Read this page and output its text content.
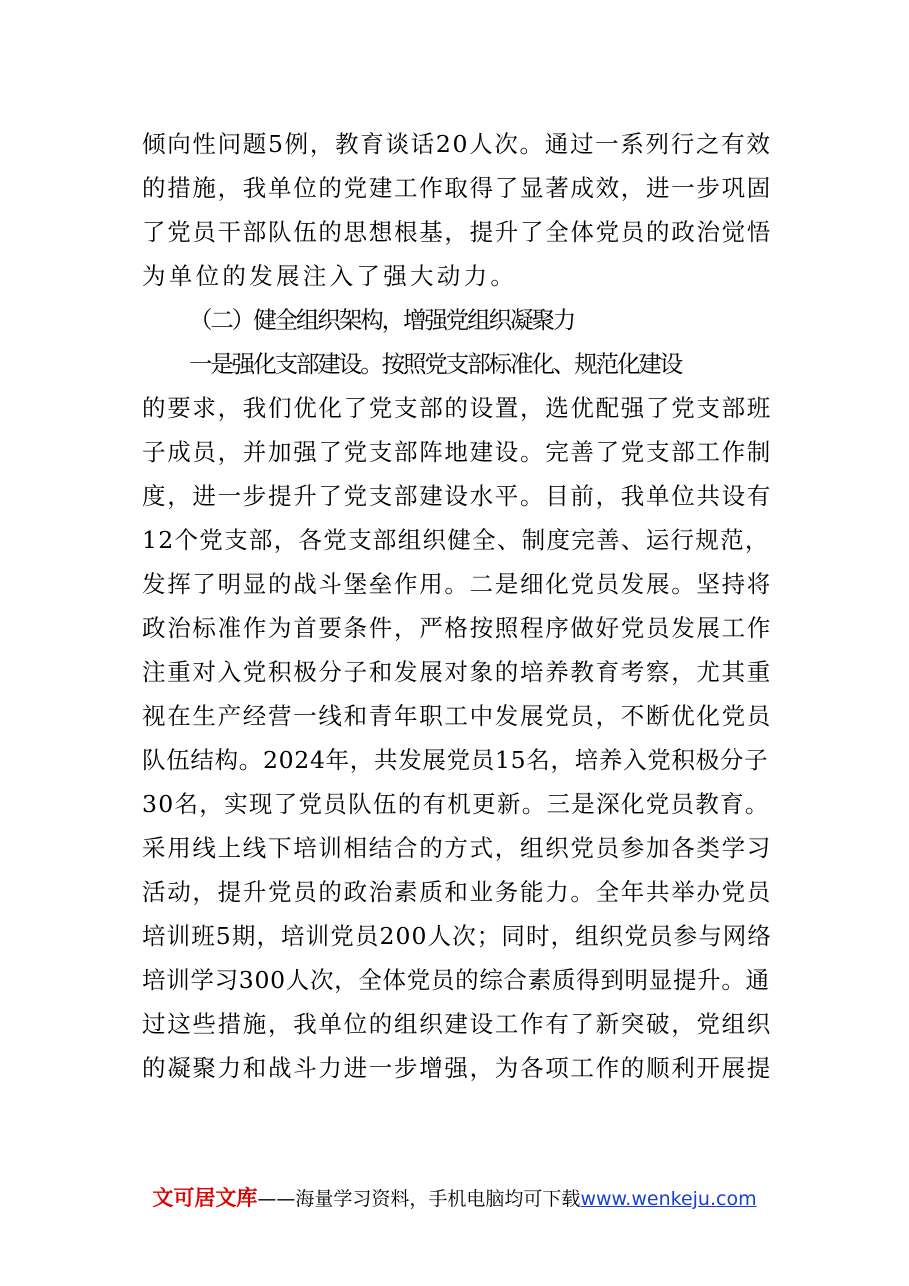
倾向性问题5例，教育谈话20人次。通过一系列行之有效
的措施，我单位的党建工作取得了显著成效，进一步巩固
了党员干部队伍的思想根基，提升了全体党员的政治觉悟
为单位的发展注入了强大动力。
（二）健全组织架构，增强党组织凝聚力
一是强化支部建设。按照党支部标准化、规范化建设
的要求，我们优化了党支部的设置，选优配强了党支部班
子成员，并加强了党支部阵地建设。完善了党支部工作制
度，进一步提升了党支部建设水平。目前，我单位共设有
12个党支部，各党支部组织健全、制度完善、运行规范，
发挥了明显的战斗堡垒作用。二是细化党员发展。坚持将
政治标准作为首要条件，严格按照程序做好党员发展工作
注重对入党积极分子和发展对象的培养教育考察，尤其重
视在生产经营一线和青年职工中发展党员，不断优化党员
队伍结构。2024年，共发展党员15名，培养入党积极分子
30名，实现了党员队伍的有机更新。三是深化党员教育。
采用线上线下培训相结合的方式，组织党员参加各类学习
活动，提升党员的政治素质和业务能力。全年共举办党员
培训班5期，培训党员200人次；同时，组织党员参与网络
培训学习300人次，全体党员的综合素质得到明显提升。通
过这些措施，我单位的组织建设工作有了新突破，党组织
的凝聚力和战斗力进一步增强，为各项工作的顺利开展提
文可居文库——海量学习资料，手机电脑均可下载www.wenkeju.com
